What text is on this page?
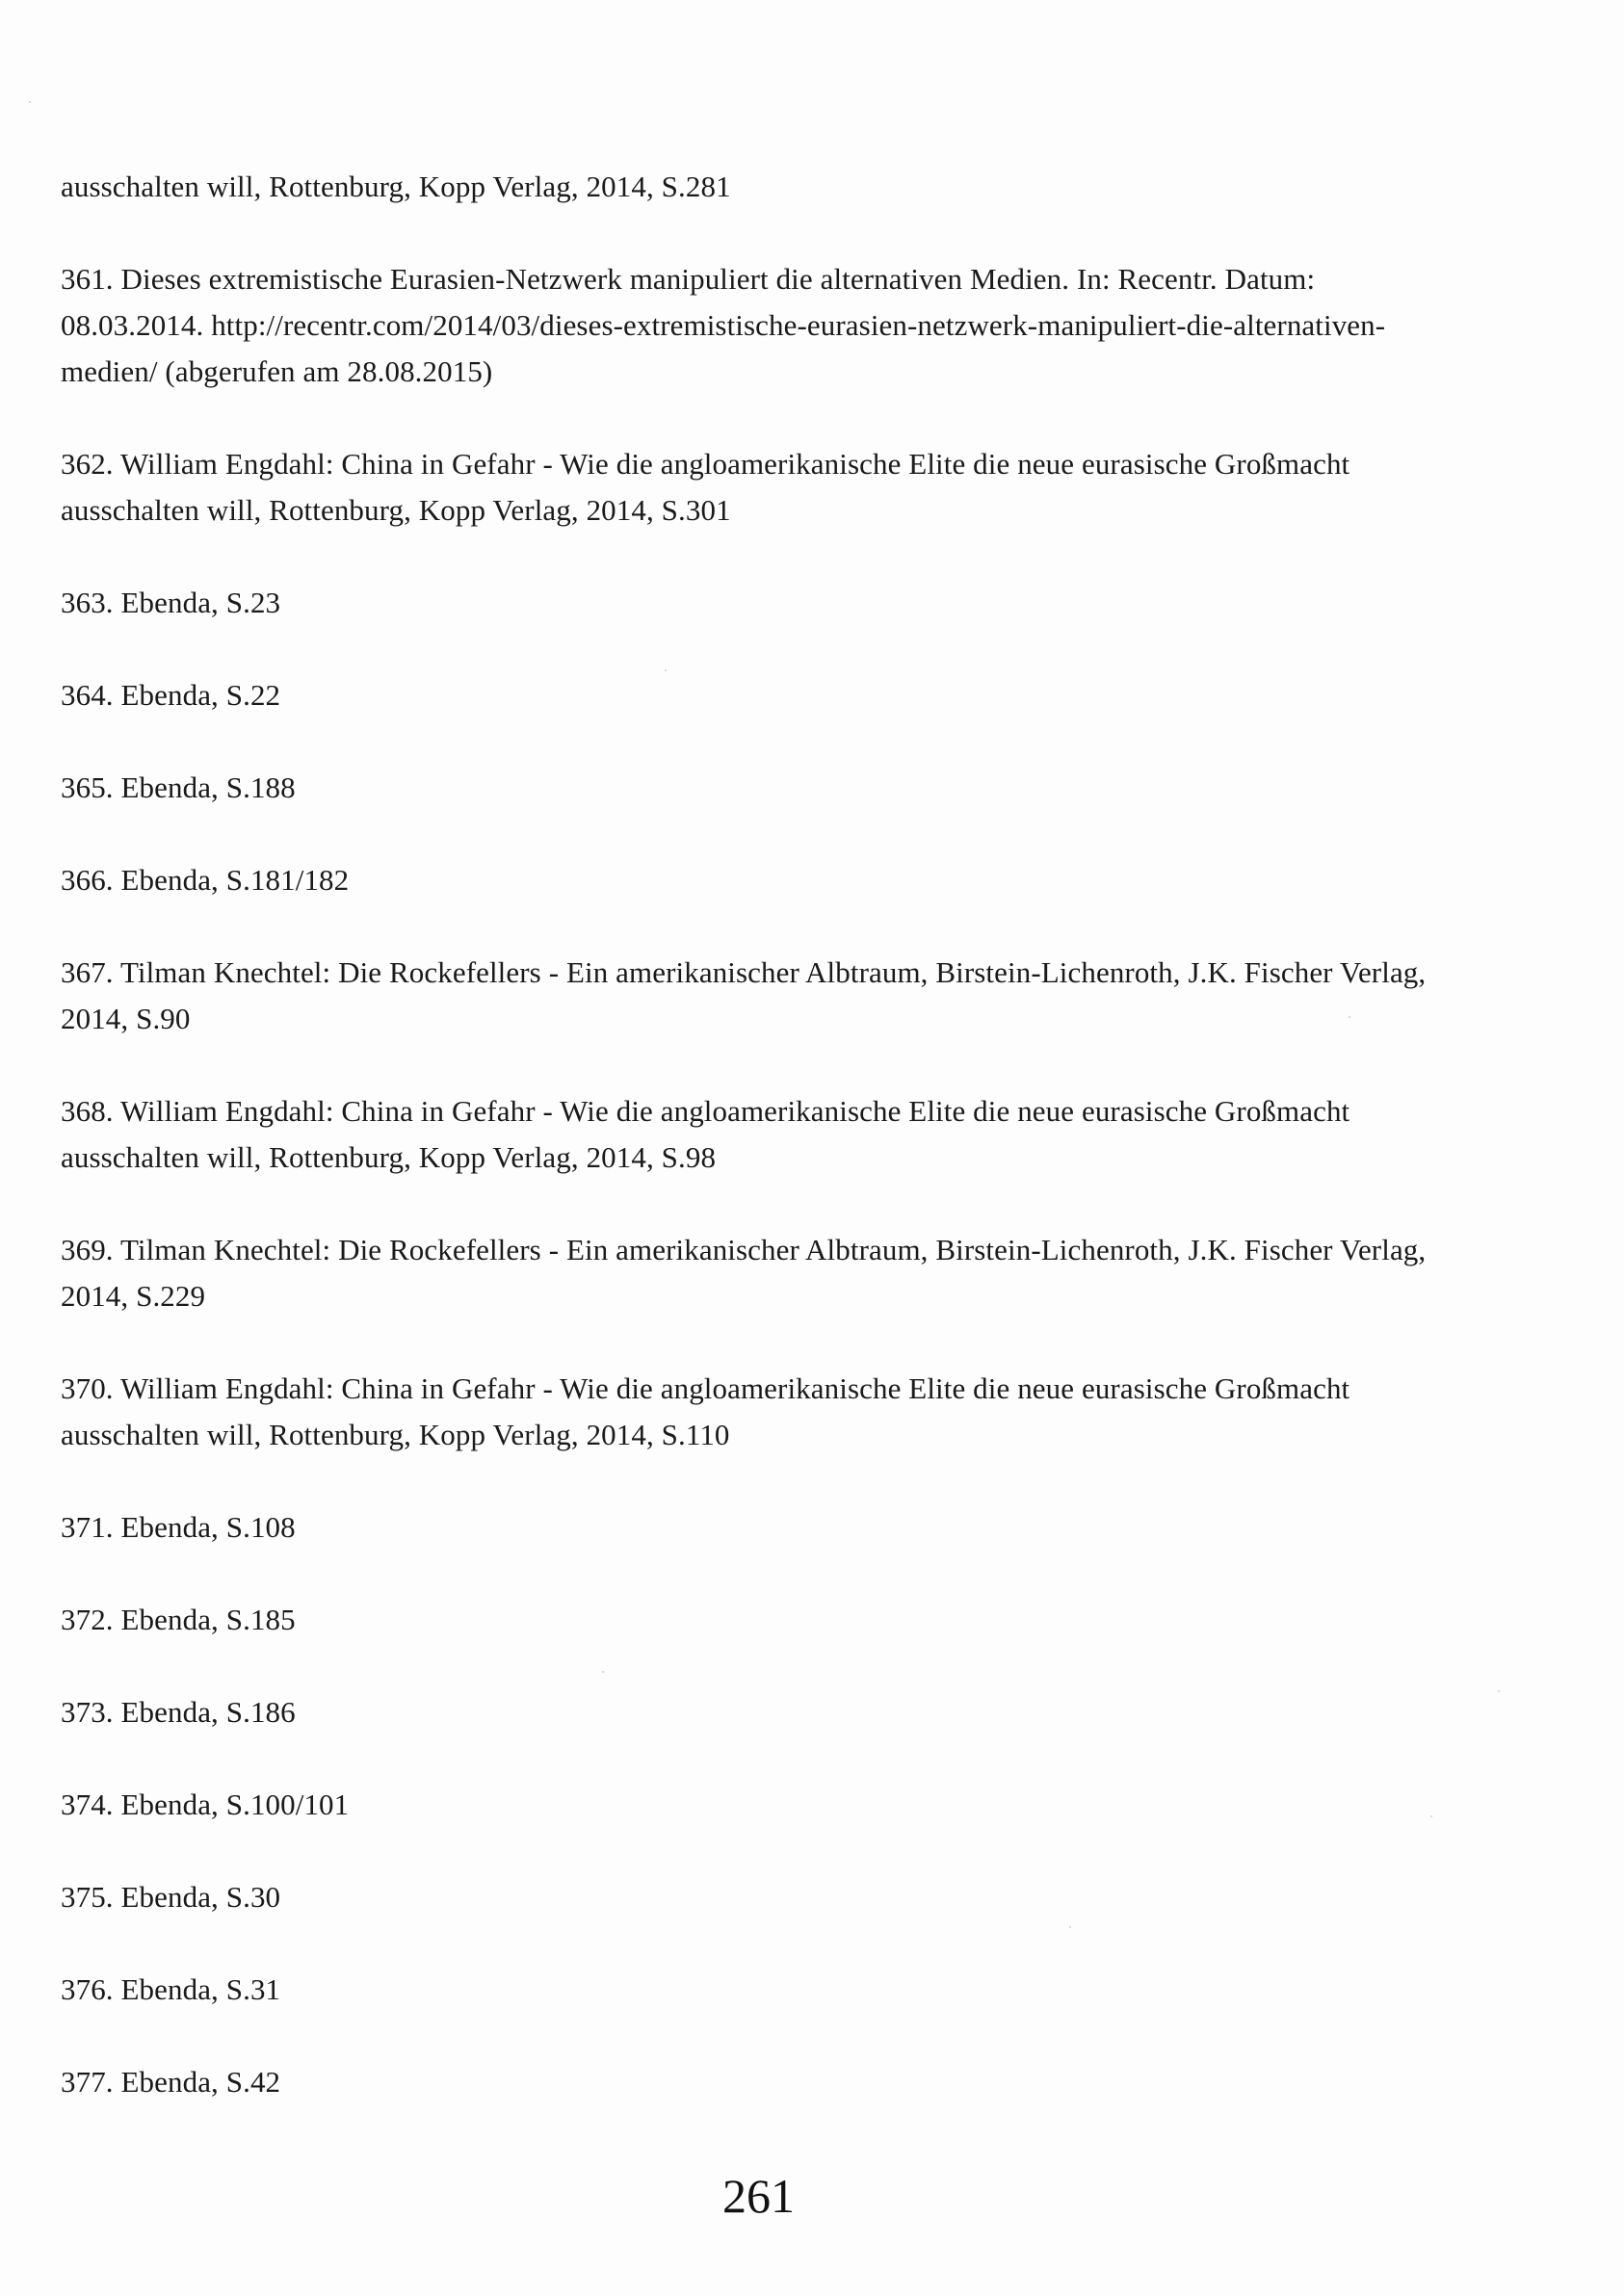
ausschalten will, Rottenburg, Kopp Verlag, 2014, S.281

361. Dieses extremistische Eurasien-Netzwerk manipuliert die alternativen Medien. In: Recentr. Datum: 08.03.2014. http://recentr.com/2014/03/dieses-extremistische-eurasien-netzwerk-manipuliert-die-alternativen-medien/ (abgerufen am 28.08.2015)

362. William Engdahl: China in Gefahr - Wie die angloamerikanische Elite die neue eurasische Großmacht ausschalten will, Rottenburg, Kopp Verlag, 2014, S.301

363. Ebenda, S.23

364. Ebenda, S.22

365. Ebenda, S.188

366. Ebenda, S.181/182

367. Tilman Knechtel: Die Rockefellers - Ein amerikanischer Albtraum, Birstein-Lichenroth, J.K. Fischer Verlag, 2014, S.90

368. William Engdahl: China in Gefahr - Wie die angloamerikanische Elite die neue eurasische Großmacht ausschalten will, Rottenburg, Kopp Verlag, 2014, S.98

369. Tilman Knechtel: Die Rockefellers - Ein amerikanischer Albtraum, Birstein-Lichenroth, J.K. Fischer Verlag, 2014, S.229

370. William Engdahl: China in Gefahr - Wie die angloamerikanische Elite die neue eurasische Großmacht ausschalten will, Rottenburg, Kopp Verlag, 2014, S.110

371. Ebenda, S.108

372. Ebenda, S.185

373. Ebenda, S.186

374. Ebenda, S.100/101

375. Ebenda, S.30

376. Ebenda, S.31

377. Ebenda, S.42

261
